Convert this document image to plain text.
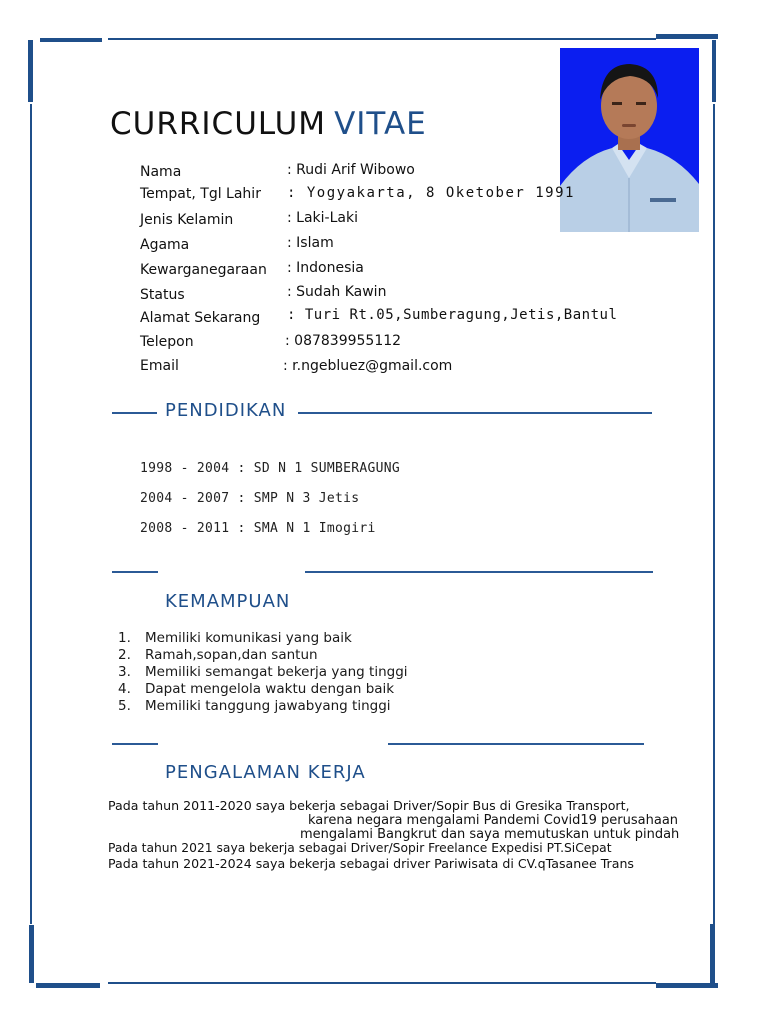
CURRICULUM VITAE
Nama	: Rudi Arif Wibowo
Tempat, Tgl Lahir : Yogyakarta, 8 Oketober 1991
Jenis Kelamin	: Laki-Laki
Agama	: Islam
Kewarganegaraan : Indonesia
Status	: Sudah Kawin
Alamat Sekarang : Turi Rt.05,Sumberagung,Jetis,Bantul
Telepon	: 087839955112
Email	: r.ngebluez@gmail.com
PENDIDIKAN
1998 - 2004 : SD N 1 SUMBERAGUNG
2004 - 2007 : SMP N 3 Jetis
2008 - 2011 : SMA N 1 Imogiri
KEMAMPUAN
1. Memiliki komunikasi yang baik
2. Ramah,sopan,dan santun
3. Memiliki semangat bekerja yang tinggi
4. Dapat mengelola waktu dengan baik
5. Memiliki tanggung jawabyang tinggi
PENGALAMAN KERJA
Pada tahun 2011-2020 saya bekerja sebagai Driver/Sopir Bus di Gresika Transport,
karena negara mengalami Pandemi Covid19 perusahaan
mengalami Bangkrut dan saya memutuskan untuk pindah
Pada tahun 2021 saya bekerja sebagai Driver/Sopir Freelance Expedisi PT.SiCepat
Pada tahun 2021-2024 saya bekerja sebagai driver Pariwisata di CV.qTasanee Trans
